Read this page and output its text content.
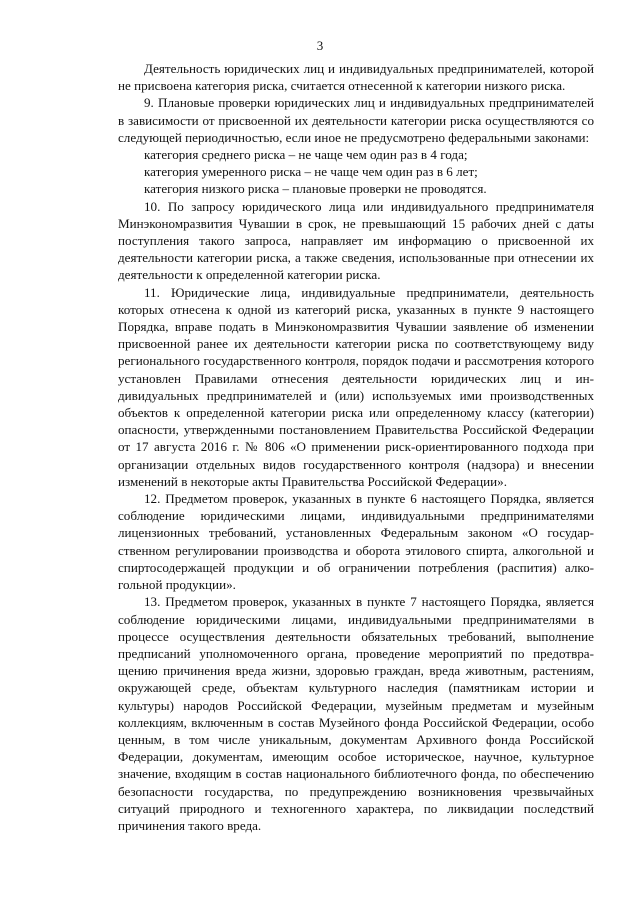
3

Деятельность юридических лиц и индивидуальных предпринимателей, которой не присвоена категория риска, считается отнесенной к категории низкого риска.

9. Плановые проверки юридических лиц и индивидуальных предпринимателей в зависимости от присвоенной их деятельности категории риска осуществляются со следующей периодичностью, если иное не предусмотрено федеральными законами:

категория среднего риска – не чаще чем один раз в 4 года;

категория умеренного риска – не чаще чем один раз в 6 лет;

категория низкого риска – плановые проверки не проводятся.

10. По запросу юридического лица или индивидуального предпринимателя Минэкономразвития Чувашии в срок, не превышающий 15 рабочих дней с даты поступления такого запроса, направляет им информацию о присвоенной их деятельности категории риска, а также сведения, использованные при отнесении их деятельности к определенной категории риска.

11. Юридические лица, индивидуальные предприниматели, деятельность которых отнесена к одной из категорий риска, указанных в пункте 9 настоящего Порядка, вправе подать в Минэкономразвития Чувашии заявление об изменении присвоенной ранее их деятельности категории риска по соответствующему виду регионального государственного контроля, порядок подачи и рассмотрения которого установлен Правилами отнесения деятельности юридических лиц и индивидуальных предпринимателей и (или) используемых ими производственных объектов к определенной категории риска или определенному классу (категории) опасности, утвержденными постановлением Правительства Российской Федерации от 17 августа 2016 г. № 806 «О применении риск-ориентированного подхода при организации отдельных видов государственного контроля (надзора) и внесении изменений в некоторые акты Правительства Российской Федерации».

12. Предметом проверок, указанных в пункте 6 настоящего Порядка, является соблюдение юридическими лицами, индивидуальными предпринимателями лицензионных требований, установленных Федеральным законом «О государственном регулировании производства и оборота этилового спирта, алкогольной и спиртосодержащей продукции и об ограничении потребления (распития) алкогольной продукции».

13. Предметом проверок, указанных в пункте 7 настоящего Порядка, является соблюдение юридическими лицами, индивидуальными предпринимателями в процессе осуществления деятельности обязательных требований, выполнение предписаний уполномоченного органа, проведение мероприятий по предотвращению причинения вреда жизни, здоровью граждан, вреда животным, растениям, окружающей среде, объектам культурного наследия (памятникам истории и культуры) народов Российской Федерации, музейным предметам и музейным коллекциям, включенным в состав Музейного фонда Российской Федерации, особо ценным, в том числе уникальным, документам Архивного фонда Российской Федерации, документам, имеющим особое историческое, научное, культурное значение, входящим в состав национального библиотечного фонда, по обеспечению безопасности государства, по предупреждению возникновения чрезвычайных ситуаций природного и техногенного характера, по ликвидации последствий причинения такого вреда.
